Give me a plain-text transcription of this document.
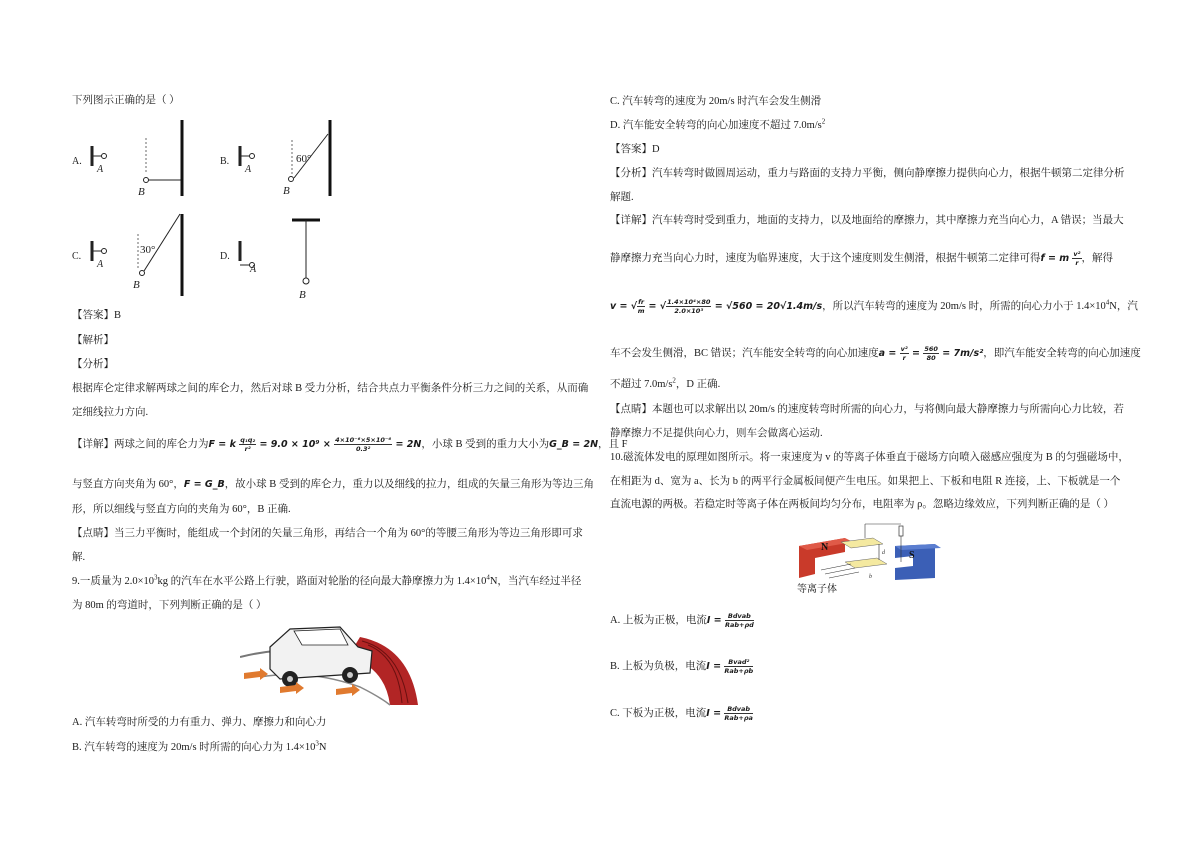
下列图示正确的是（ ）
A.
A
B
B.
A
60°
B
C.
A
30°
B
D.
A
B
【答案】B
【解析】
【分析】
根据库仑定律求解两球之间的库仑力，然后对球 B 受力分析，结合共点力平衡条件分析三力之间的关系，从而确
定细线拉力方向.
【详解】两球之间的库仑力为F = k $\frac{\text{q₁q₂}}{\text{r²}} = 9.0 \times 10^9 \times \frac{\text{4×10⁻⁶×5×10⁻⁶}}{\text{0.3²}} = 2N$，小球 B 受到的重力大小为G_B = 2N，且 F
与竖直方向夹角为 60°，F = G_B，故小球 B 受到的库仑力，重力以及细线的拉力，组成的矢量三角形为等边三角
形，所以细线与竖直方向的夹角为 60°，B 正确.
【点睛】当三力平衡时，能组成一个封闭的矢量三角形，再结合一个角为 60°的等腰三角形为等边三角形即可求
解.
9.一质量为 $2.0\times 10^3kg$ 的汽车在水平公路上行驶，路面对轮胎的径向最大静摩擦力为 $1.4\times 10^4N$，当汽车经过半径
为 80m 的弯道时，下列判断正确的是（ ）
A. 汽车转弯时所受的力有重力、弹力、摩擦力和向心力
B. 汽车转弯的速度为 20m/s 时所需的向心力为 $1.4\times 10^3N$
C. 汽车转弯的速度为 20m/s 时汽车会发生侧滑
D. 汽车能安全转弯的向心加速度不超过 $7.0m/s^2$
【答案】D
【分析】汽车转弯时做圆周运动，重力与路面的支持力平衡，侧向静摩擦力提供向心力，根据牛顿第二定律分析
解题.
【详解】汽车转弯时受到重力，地面的支持力，以及地面给的摩擦力，其中摩擦力充当向心力，A 错误；当最大
静摩擦力充当向心力时，速度为临界速度，大于这个速度则发生侧滑，根据牛顿第二定律可得f = m $\frac{\text{v²}}{r}$ ，解得
v = √ $\frac{fr}{m}$ = √ $\frac{\text{1.4×10⁴×80}}{\text{2.0×10³}} = √560 = 20√1.4m/s$，所以汽车转弯的速度为 20m/s 时，所需的向心力小于 $1.4\times 10^4N$，汽
车不会发生侧滑，BC 错误；汽车能安全转弯的向心加速度$a = \frac{\text{v²}}{r} = \frac{560}{80} = 7m/s^2$，即汽车能安全转弯的向心加速度
不超过 $7.0m/s^2$，D 正确.
【点睛】本题也可以求解出以 20m/s 的速度转弯时所需的向心力，与将侧向最大静摩擦力与所需向心力比较，若
静摩擦力不足提供向心力，则车会做离心运动.
10.磁流体发电的原理如图所示。将一束速度为 v 的等离子体垂直于磁场方向喷入磁感应强度为 B 的匀强磁场中，
在相距为 d、宽为 a、长为 b 的两平行金属板间便产生电压。如果把上、下板和电阻 R 连接，上、下板就是一个
直流电源的两极。若稳定时等离子体在两板间均匀分布，电阻率为 ρ。忽略边缘效应，下列判断正确的是（ ）
N
S
d
b
等离子体
A. 上板为正极，电流$I = \frac{\text{Bdvab}}{\text{Rab+ρd}}$
B. 上板为负极，电流$I = \frac{\text{Bvad²}}{\text{Rab+ρb}}$
C. 下板为正极，电流$I = \frac{\text{Bdvab}}{\text{Rab+ρa}}$
